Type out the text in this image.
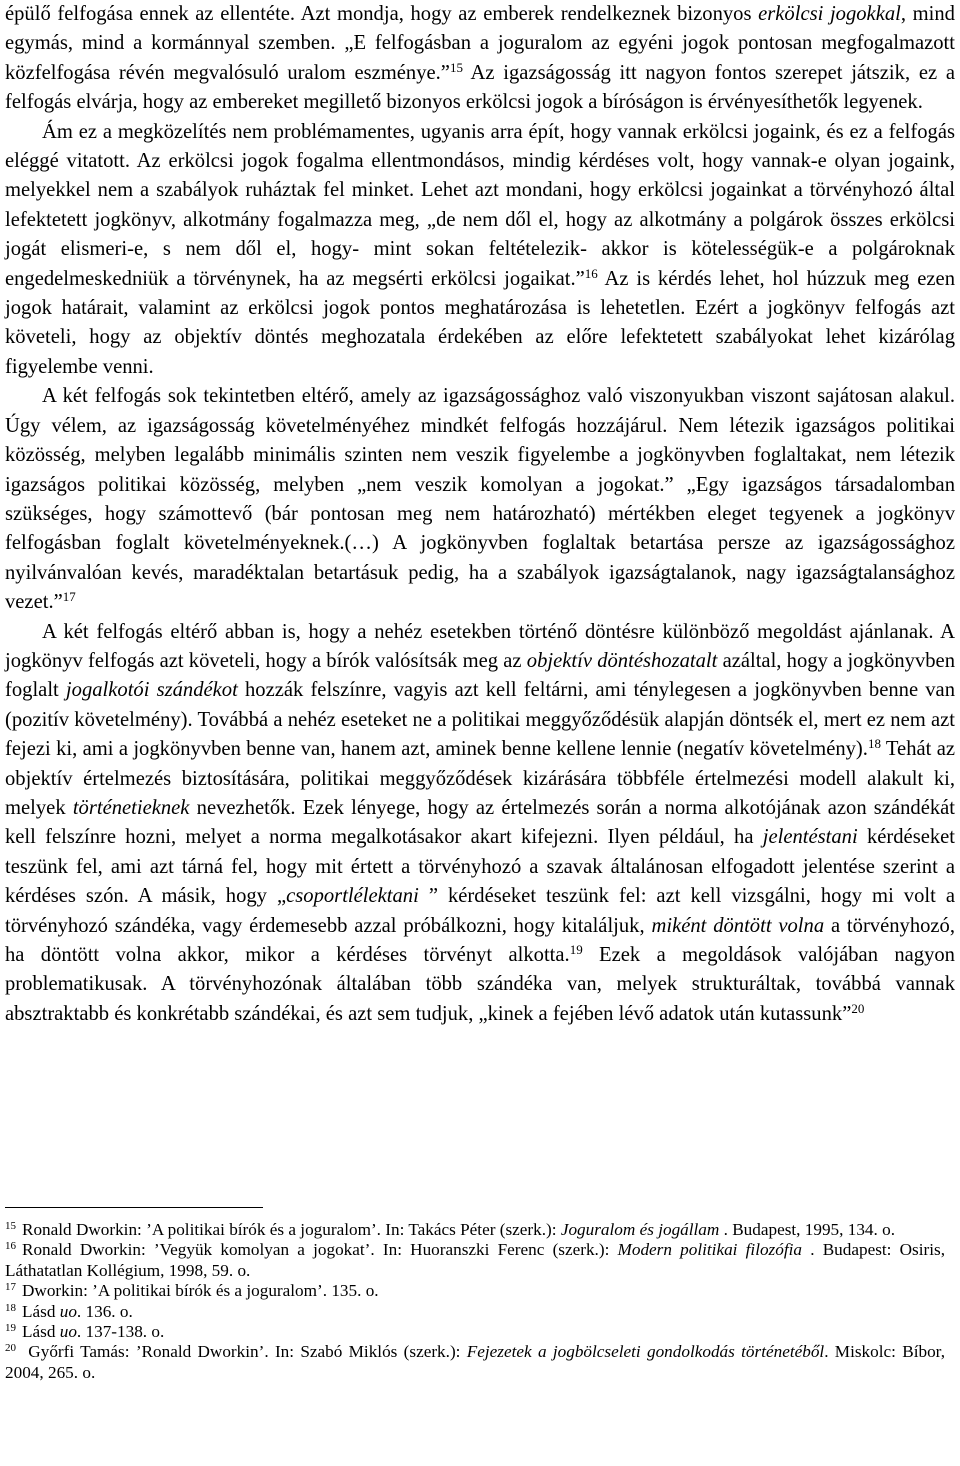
épülő felfogása ennek az ellentéte. Azt mondja, hogy az emberek rendelkeznek bizonyos erkölcsi jogokkal, mind egymás, mind a kormánnyal szemben. „E felfogásban a joguralom az egyéni jogok pontosan megfogalmazott közfelfogása révén megvalósuló uralom eszménye.”$^{15}$ Az igazságosság itt nagyon fontos szerepet játszik, ez a felfogás elvárja, hogy az embereket megillető bizonyos erkölcsi jogok a bíróságon is érvényesíthetők legyenek.

Ám ez a megközelítés nem problémamentes, ugyanis arra épít, hogy vannak erkölcsi jogaink, és ez a felfogás eléggé vitatott. Az erkölcsi jogok fogalma ellentmondásos, mindig kérdéses volt, hogy vannak-e olyan jogaink, melyekkel nem a szabályok ruháztak fel minket. Lehet azt mondani, hogy erkölcsi jogainkat a törvényhozó által lefektetett jogkönyv, alkotmány fogalmazza meg, „de nem dől el, hogy az alkotmány a polgárok összes erkölcsi jogát elismeri-e, s nem dől el, hogy- mint sokan feltételezik- akkor is kötelességük-e a polgároknak engedelmeskedniük a törvénynek, ha az megsérti erkölcsi jogaikat.”$^{16}$ Az is kérdés lehet, hol húzzuk meg ezen jogok határait, valamint az erkölcsi jogok pontos meghatározása is lehetetlen. Ezért a jogkönyv felfogás azt követeli, hogy az objektív döntés meghozatala érdekében az előre lefektetett szabályokat lehet kizárólag figyelembe venni.

A két felfogás sok tekintetben eltérő, amely az igazságossághoz való viszonyukban viszont sajátosan alakul. Úgy vélem, az igazságosság követelményéhez mindkét felfogás hozzájárul. Nem létezik igazságos politikai közösség, melyben legalább minimális szinten nem veszik figyelembe a jogkönyvben foglaltakat, nem létezik igazságos politikai közösség, melyben „nem veszik komolyan a jogokat.” „Egy igazságos társadalomban szükséges, hogy számottevő (bár pontosan meg nem határozható) mértékben eleget tegyenek a jogkönyv felfogásban foglalt követelményeknek.(…) A jogkönyvben foglaltak betartása persze az igazságossághoz nyilvánvalóan kevés, maradéktalan betartásuk pedig, ha a szabályok igazságtalanok, nagy igazságtalansághoz vezet.”$^{17}$

A két felfogás eltérő abban is, hogy a nehéz esetekben történő döntésre különböző megoldást ajánlanak. A jogkönyv felfogás azt követeli, hogy a bírók valósítsák meg az objektív döntéshozatalt azáltal, hogy a jogkönyvben foglalt jogalkotói szándékot hozzák felszínre, vagyis azt kell feltárni, ami ténylegesen a jogkönyvben benne van (pozitív követelmény). Továbbá a nehéz eseteket ne a politikai meggyőződésük alapján döntsék el, mert ez nem azt fejezi ki, ami a jogkönyvben benne van, hanem azt, aminek benne kellene lennie (negatív követelmény).$^{18}$ Tehát az objektív értelmezés biztosítására, politikai meggyőződések kizárására többféle értelmezési modell alakult ki, melyek történetieknek nevezhetők. Ezek lényege, hogy az értelmezés során a norma alkotójának azon szándékát kell felszínre hozni, melyet a norma megalkotásakor akart kifejezni. Ilyen például, ha jelentéstani kérdéseket teszünk fel, ami azt tárná fel, hogy mit értett a törvényhozó a szavak általánosan elfogadott jelentése szerint a kérdéses szón. A másik, hogy „csoportlélektani ” kérdéseket teszünk fel: azt kell vizsgálni, hogy mi volt a törvényhozó szándéka, vagy érdemesebb azzal próbálkozni, hogy kitaláljuk, miként döntött volna a törvényhozó, ha döntött volna akkor, mikor a kérdéses törvényt alkotta.$^{19}$ Ezek a megoldások valójában nagyon problematikusak. A törvényhozónak általában több szándéka van, melyek strukturáltak, továbbá vannak absztraktabb és konkrétabb szándékai, és azt sem tudjuk, „kinek a fejében lévő adatok után kutassunk”$^{20}$

$^{15}$ Ronald Dworkin: ’A politikai bírók és a joguralom’. In: Takács Péter (szerk.): Joguralom és jogállam . Budapest, 1995, 134. o.

$^{16}$ Ronald Dworkin: ’Vegyük komolyan a jogokat’. In: Huoranszki Ferenc (szerk.): Modern politikai filozófia . Budapest: Osiris, Láthatatlan Kollégium, 1998, 59. o.

$^{17}$ Dworkin: ’A politikai bírók és a joguralom’. 135. o.

$^{18}$ Lásd uo. 136. o.

$^{19}$ Lásd uo. 137-138. o.

$^{20}$ Győrfi Tamás: ’Ronald Dworkin’. In: Szabó Miklós (szerk.): Fejezetek a jogbölcseleti gondolkodás történetéből. Miskolc: Bíbor, 2004, 265. o.
